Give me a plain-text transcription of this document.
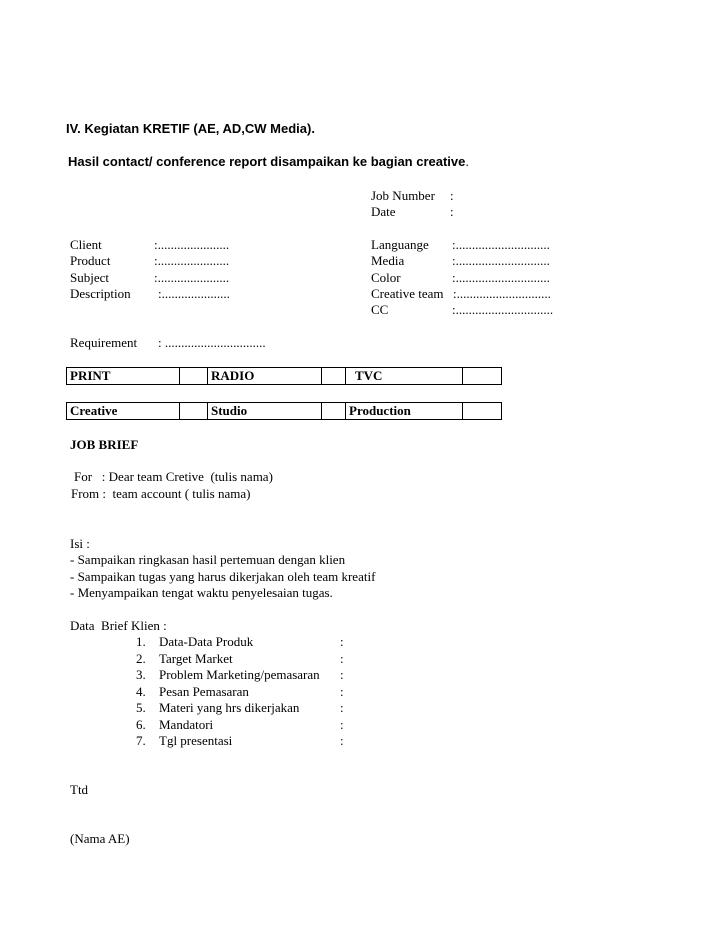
IV. Kegiatan KRETIF (AE, AD,CW Media).
Hasil contact/ conference report disampaikan ke bagian creative.
Job Number :
Date	:
Client	:......................
Product	:......................
Subject	:......................
Description :.....................
Languange :.............................
Media	:.............................
Color	:.............................
Creative team :.............................
CC	:..............................
Requirement : ...............................
PRINT	RADIO	TVC
Creative	Studio	Production
JOB BRIEF
For   : Dear team Cretive  (tulis nama)
From :  team account ( tulis nama)
Isi :
- Sampaikan ringkasan hasil pertemuan dengan klien
- Sampaikan tugas yang harus dikerjakan oleh team kreatif
- Menyampaikan tengat waktu penyelesaian tugas.
Data  Brief Klien :
1. Data-Data Produk	:
2. Target Market	:
3. Problem Marketing/pemasaran :
4. Pesan Pemasaran	:
5. Materi yang hrs dikerjakan	:
6. Mandatori	:
7. Tgl presentasi	:
Ttd
(Nama AE)
